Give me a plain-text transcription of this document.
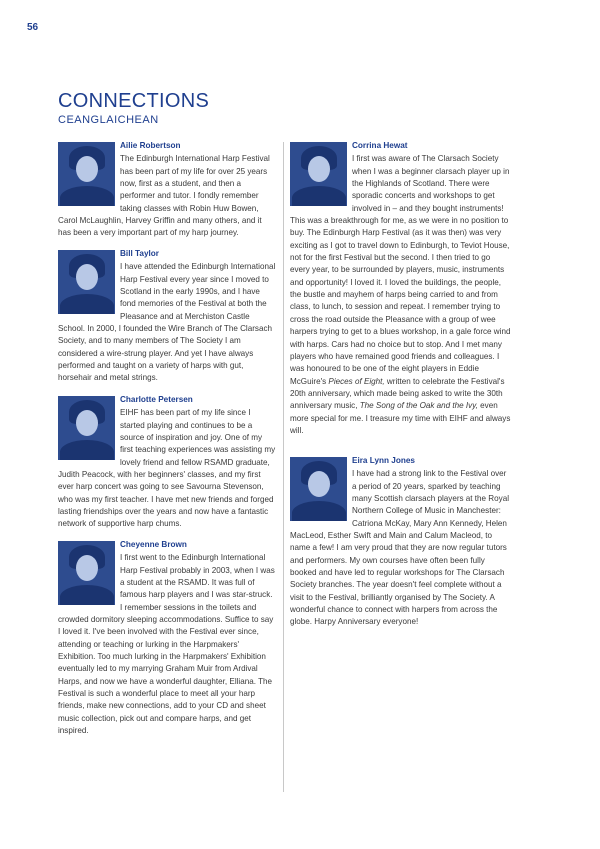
56
CONNECTIONS
CEANGLAICHEAN
Ailie Robertson
The Edinburgh International Harp Festival has been part of my life for over 25 years now, first as a student, and then a performer and tutor. I fondly remember taking classes with Robin Huw Bowen, Carol McLaughlin, Harvey Griffin and many others, and it has been a very important part of my harp journey.
Bill Taylor
I have attended the Edinburgh International Harp Festival every year since I moved to Scotland in the early 1990s, and I have fond memories of the Festival at both the Pleasance and at Merchiston Castle School. In 2000, I founded the Wire Branch of The Clarsach Society, and to many members of The Society I am considered a wire-strung player. And yet I have always performed and taught on a variety of harps with gut, horsehair and metal strings.
Charlotte Petersen
EIHF has been part of my life since I started playing and continues to be a source of inspiration and joy. One of my first teaching experiences was assisting my lovely friend and fellow RSAMD graduate, Judith Peacock, with her beginners' classes, and my first ever harp concert was going to see Savourna Stevenson, who was my first teacher. I have met new friends and forged lasting friendships over the years and now have a fantastic network of supportive harp chums.
Cheyenne Brown
I first went to the Edinburgh International Harp Festival probably in 2003, when I was a student at the RSAMD. It was full of famous harp players and I was star-struck. I remember sessions in the toilets and crowded dormitory sleeping accommodations. Suffice to say I loved it. I've been involved with the Festival ever since, attending or teaching or lurking in the Harpmakers' Exhibition. Too much lurking in the Harpmakers' Exhibition eventually led to my marrying Graham Muir from Ardival Harps, and now we have a wonderful daughter, Elliana. The Festival is such a wonderful place to meet all your harp friends, make new connections, add to your CD and sheet music collection, pick out and compare harps, and get inspired.
Corrina Hewat
I first was aware of The Clarsach Society when I was a beginner clarsach player up in the Highlands of Scotland. There were sporadic concerts and workshops to get involved in – and they bought instruments! This was a breakthrough for me, as we were in no position to buy. The Edinburgh Harp Festival (as it was then) was very exciting as I got to travel down to Edinburgh, to Teviot House, not for the first Festival but the second. I then tried to go every year, to be surrounded by players, music, instruments and opportunity! I loved it. I loved the buildings, the people, the bustle and mayhem of harps being carried to and from class, to lunch, to session and repeat. I remember trying to cross the road outside the Pleasance with a group of wee harpers trying to get to a blues workshop, in a gale force wind with harps. Cars had no choice but to stop. And I met many players who have remained good friends and colleagues. I was honoured to be one of the eight players in Eddie McGuire's Pieces of Eight, written to celebrate the Festival's 20th anniversary, which made being asked to write the 30th anniversary music, The Song of the Oak and the Ivy, even more special for me. I treasure my time with EIHF and always will.
Eira Lynn Jones
I have had a strong link to the Festival over a period of 20 years, sparked by teaching many Scottish clarsach players at the Royal Northern College of Music in Manchester: Catriona McKay, Mary Ann Kennedy, Helen MacLeod, Esther Swift and Main and Calum Macleod, to name a few! I am very proud that they are now regular tutors and performers. My own courses have often been fully booked and have led to regular workshops for The Clarsach Society branches. The year doesn't feel complete without a visit to the Festival, brilliantly organised by The Society. A wonderful chance to connect with harpers from across the globe. Harpy Anniversary everyone!
